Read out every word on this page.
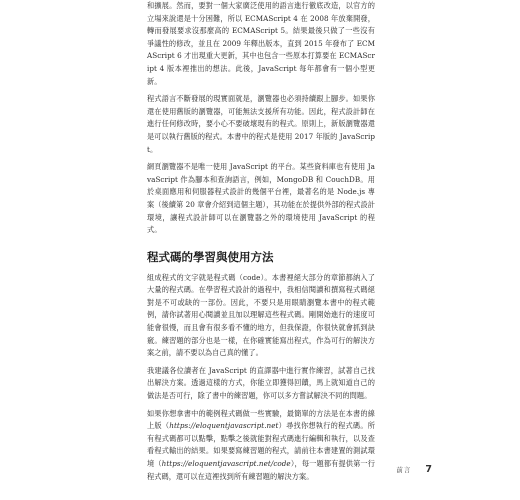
和擴展。然而，要對一個大家廣泛使用的語言進行徹底改造，以官方的立場來說還是十分困難，所以 ECMAScript 4 在 2008 年放棄開發，轉而發展要求沒那麼高的 ECMAScript 5。結果最後只做了一些沒有爭議性的修改，並且在 2009 年釋出版本，直到 2015 年發布了 ECMAScript 6 才出現重大更新，其中也包含一些原本打算要在 ECMAScript 4 版本裡推出的想法。此後，JavaScript 每年都會有一個小型更新。

程式語言不斷發展的現實面就是，瀏覽器也必須持續跟上腳步。如果你還在使用舊版的瀏覽器，可能無法支援所有功能。因此，程式設計師在進行任何修改時，要小心不要破壞現有的程式。原則上，新版瀏覽器還是可以執行舊版的程式。本書中的程式是使用 2017 年版的 JavaScript。

網頁瀏覽器不是唯一使用 JavaScript 的平台。某些資料庫也有使用 JavaScript 作為腳本和查詢語言，例如，MongoDB 和 CouchDB。用於桌面應用和伺服器程式設計的幾個平台裡，最著名的是 Node.js 專案（後續第 20 章會介紹到這個主題），其功能在於提供外部的程式設計環境，讓程式設計師可以在瀏覽器之外的環境使用 JavaScript 的程式。

程式碼的學習與使用方法

組成程式的文字就是程式碼（code）。本書裡絕大部分的章節都納入了大量的程式碼。在學習程式設計的過程中，我相信閱讀和撰寫程式碼絕對是不可或缺的一部份。因此，不要只是用眼睛瀏覽本書中的程式範例，請你試著用心閱讀並且加以理解這些程式碼。剛開始進行的速度可能會很慢，而且會有很多看不懂的地方，但我保證，你很快就會抓到訣竅。練習題的部分也是一樣，在你確實能寫出程式，作為可行的解決方案之前，請不要以為自己真的懂了。

我建議各位讀者在 JavaScript 的直譯器中進行實作練習，試著自己找出解決方案。透過這樣的方式，你能立即獲得回饋，馬上就知道自己的做法是否可行，除了書中的練習題，你可以多方嘗試解決不同的問題。

如果你想拿書中的範例程式碼做一些實驗，最簡單的方法是在本書的線上版（https://eloquentjavascript.net）尋找你想執行的程式碼。所有程式碼都可以點擊，點擊之後就能對程式碼進行編輯和執行，以及查看程式輸出的結果。如果要寫練習題的程式，請前往本書建置的測試環境（https://eloquentjavascript.net/code），每一題都有提供第一行程式碼，還可以在這裡找到所有練習題的解決方案。

前言 7
